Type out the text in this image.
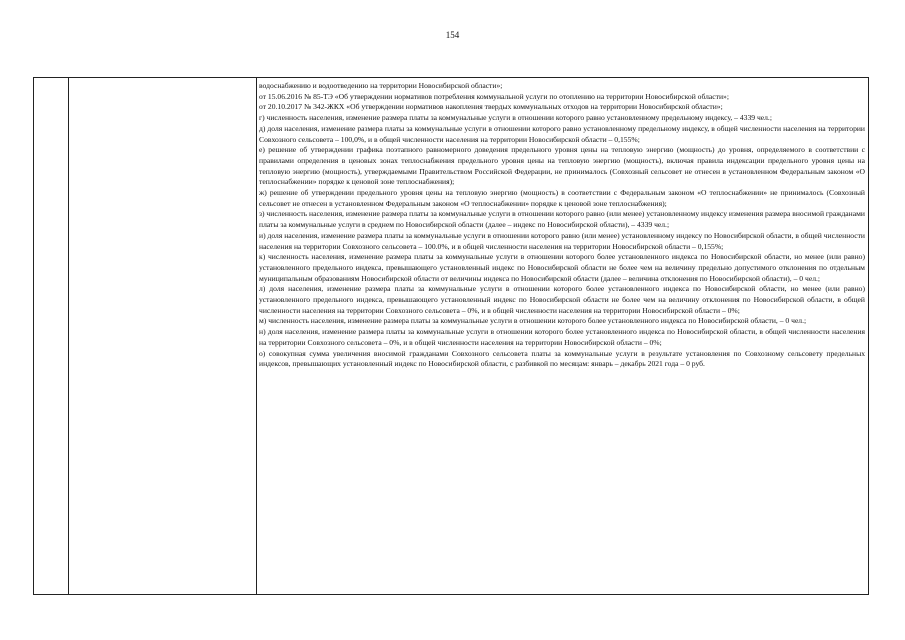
154

водоснабжению и водоотведению на территории Новосибирской области»;

от 15.06.2016 № 85-ТЭ «Об утверждении нормативов потребления коммунальной услуги по отоплению на территории Новосибирской области»;

от 20.10.2017 № 342-ЖКХ «Об утверждении нормативов накопления твердых коммунальных отходов на территории Новосибирской области»;

г) численность населения, изменение размера платы за коммунальные услуги в отношении которого равно установленному предельному индексу, – 4339 чел.;

д) доля населения, изменение размера платы за коммунальные услуги в отношении которого равно установленному предельному индексу, в общей численности населения на территории Совхозного сельсовета – 100,0%, и в общей численности населения на территории Новосибирской области – 0,155%;

е) решение об утверждении графика поэтапного равномерного доведения предельного уровня цены на тепловую энергию (мощность) до уровня, определяемого в соответствии с правилами определения в ценовых зонах теплоснабжения предельного уровня цены на тепловую энергию (мощность), включая правила индексации предельного уровня цены на тепловую энергию (мощность), утверждаемыми Правительством Российской Федерации, не принималось (Совхозный сельсовет не отнесен в установленном Федеральным законом «О теплоснабжении» порядке к ценовой зоне теплоснабжения);

ж) решение об утверждении предельного уровня цены на тепловую энергию (мощность) в соответствии с Федеральным законом «О теплоснабжении» не принималось (Совхозный сельсовет не отнесен в установленном Федеральным законом «О теплоснабжении» порядке к ценовой зоне теплоснабжения);

з) численность населения, изменение размера платы за коммунальные услуги в отношении которого равно (или менее) установленному индексу изменения размера вносимой гражданами платы за коммунальные услуги в среднем по Новосибирской области (далее – индекс по Новосибирской области), – 4339 чел.;

и) доля населения, изменение размера платы за коммунальные услуги в отношении которого равно (или менее) установленному индексу по Новосибирской области, в общей численности населения на территории Совхозного сельсовета – 100.0%, и в общей численности населения на территории Новосибирской области – 0,155%;

к) численность населения, изменение размера платы за коммунальные услуги в отношении которого более установленного индекса по Новосибирской области, но менее (или равно) установленного предельного индекса, превышающего установленный индекс по Новосибирской области не более чем на величину предельно допустимого отклонения по отдельным муниципальным образованиям Новосибирской области от величины индекса по Новосибирской области (далее – величина отклонения по Новосибирской области), – 0 чел.;

л) доля населения, изменение размера платы за коммунальные услуги в отношении которого более установленного индекса по Новосибирской области, но менее (или равно) установленного предельного индекса, превышающего установленный индекс по Новосибирской области не более чем на величину отклонения по Новосибирской области, в общей численности населения на территории Совхозного сельсовета – 0%, и в общей численности населения на территории Новосибирской области – 0%;

м) численность населения, изменение размера платы за коммунальные услуги в отношении которого более установленного индекса по Новосибирской области, – 0 чел.;

н) доля населения, изменение размера платы за коммунальные услуги в отношении которого более установленного индекса по Новосибирской области, в общей численности населения на территории Совхозного сельсовета – 0%, и в общей численности населения на территории Новосибирской области – 0%;

о) совокупная сумма увеличения вносимой гражданами Совхозного сельсовета платы за коммунальные услуги в результате установления по Совхозному сельсовету предельных индексов, превышающих установленный индекс по Новосибирской области, с разбивкой по месяцам: январь – декабрь 2021 года – 0 руб.
